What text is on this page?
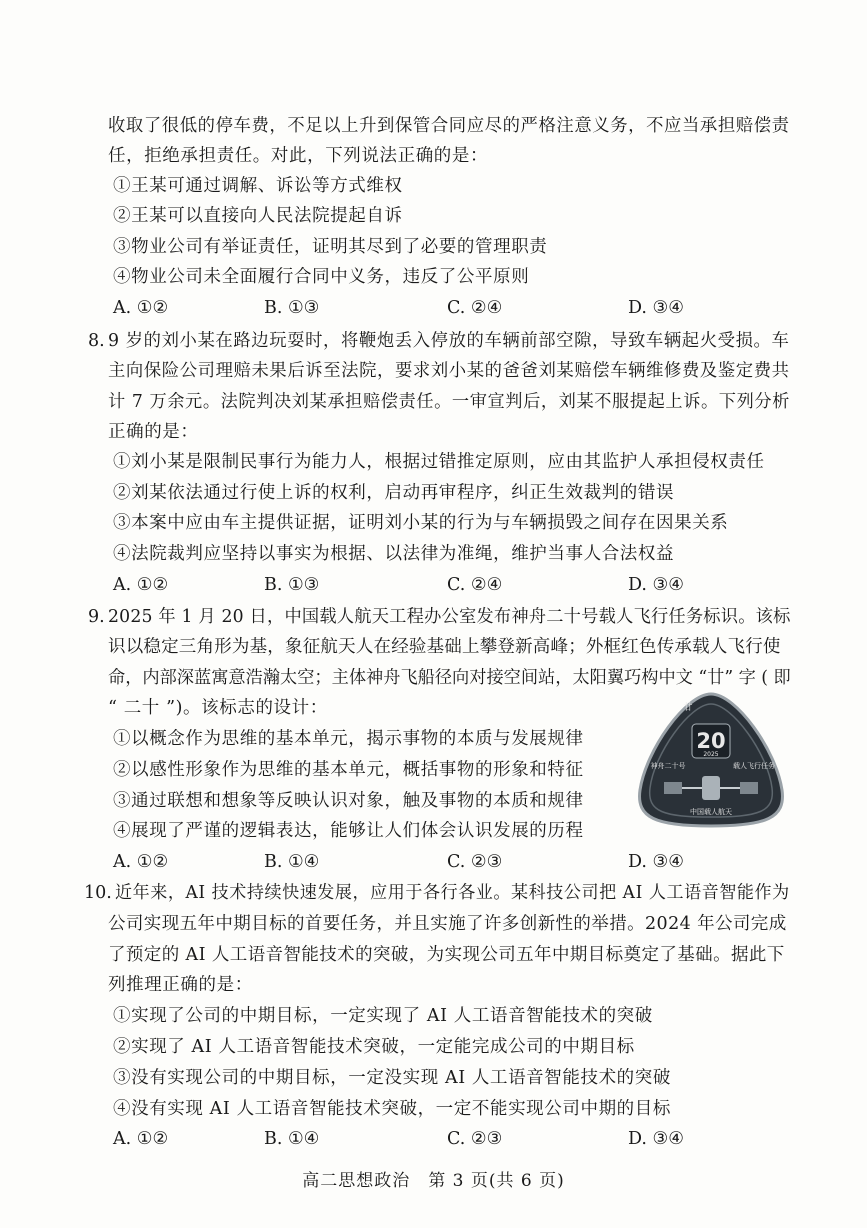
收取了很低的停车费，不足以上升到保管合同应尽的严格注意义务，不应当承担赔偿责
任，拒绝承担责任。对此，下列说法正确的是：
①王某可通过调解、诉讼等方式维权
②王某可以直接向人民法院提起自诉
③物业公司有举证责任，证明其尽到了必要的管理职责
④物业公司未全面履行合同中义务，违反了公平原则
A. ①②	B. ①③	C. ②④	D. ③④
8. 9 岁的刘小某在路边玩耍时，将鞭炮丢入停放的车辆前部空隙，导致车辆起火受损。车
主向保险公司理赔未果后诉至法院，要求刘小某的爸爸刘某赔偿车辆维修费及鉴定费共
计 7 万余元。法院判决刘某承担赔偿责任。一审宣判后，刘某不服提起上诉。下列分析
正确的是：
①刘小某是限制民事行为能力人，根据过错推定原则，应由其监护人承担侵权责任
②刘某依法通过行使上诉的权利，启动再审程序，纠正生效裁判的错误
③本案中应由车主提供证据，证明刘小某的行为与车辆损毁之间存在因果关系
④法院裁判应坚持以事实为根据、以法律为准绳，维护当事人合法权益
A. ①②	B. ①③	C. ②④	D. ③④
9. 2025 年 1 月 20 日，中国载人航天工程办公室发布神舟二十号载人飞行任务标识。该标
识以稳定三角形为基，象征航天人在经验基础上攀登新高峰；外框红色传承载人飞行使
命，内部深蓝寓意浩瀚太空；主体神舟飞船径向对接空间站，太阳翼巧构中文 “廿” 字 ( 即
“ 二十 ”)。该标志的设计：
①以概念作为思维的基本单元，揭示事物的本质与发展规律
②以感性形象作为思维的基本单元，概括事物的形象和特征
③通过联想和想象等反映认识对象，触及事物的本质和规律
④展现了严谨的逻辑表达，能够让人们体会认识发展的历程
A. ①②	B. ①④	C. ②③	D. ③④
20
2025
廿
神舟二十号	载人飞行任务
中国载人航天
10. 近年来，AI 技术持续快速发展，应用于各行各业。某科技公司把 AI 人工语音智能作为
公司实现五年中期目标的首要任务，并且实施了许多创新性的举措。2024 年公司完成
了预定的 AI 人工语音智能技术的突破，为实现公司五年中期目标奠定了基础。据此下
列推理正确的是：
①实现了公司的中期目标，一定实现了 AI 人工语音智能技术的突破
②实现了 AI 人工语音智能技术突破，一定能完成公司的中期目标
③没有实现公司的中期目标，一定没实现 AI 人工语音智能技术的突破
④没有实现 AI 人工语音智能技术突破，一定不能实现公司中期的目标
A. ①②	B. ①④	C. ②③	D. ③④
高二思想政治　第 3 页(共 6 页)
